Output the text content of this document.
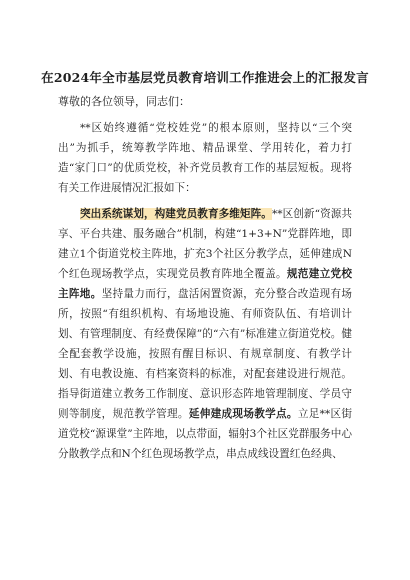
在2024年全市基层党员教育培训工作推进会上的汇报发言
尊敬的各位领导，同志们：

**区始终遵循“党校姓党”的根本原则，坚持以“三个突出”为抓手，统筹教学阵地、精品课堂、学用转化，着力打造“家门口”的优质党校，补齐党员教育工作的基层短板。现将有关工作进展情况汇报如下：

突出系统谋划，构建党员教育多维矩阵。**区创新“资源共享、平台共建、服务融合”机制，构建“1+3+N”党群阵地，即建立1个街道党校主阵地，扩充3个社区分教学点，延伸建成N个红色现场教学点，实现党员教育阵地全覆盖。规范建立党校主阵地。坚持量力而行，盘活闲置资源，充分整合改造现有场所，按照“有组织机构、有场地设施、有师资队伍、有培训计划、有管理制度、有经费保障”的“六有”标准建立街道党校。健全配套教学设施，按照有醒目标识、有规章制度、有教学计划、有电教设施、有档案资料的标准，对配套建设进行规范。指导街道建立教务工作制度、意识形态阵地管理制度、学员守则等制度，规范教学管理。延伸建成现场教学点。立足**区街道党校“源课堂”主阵地，以点带面，辐射3个社区党群服务中心分散教学点和N个红色现场教学点，串点成线设置红色经典、
